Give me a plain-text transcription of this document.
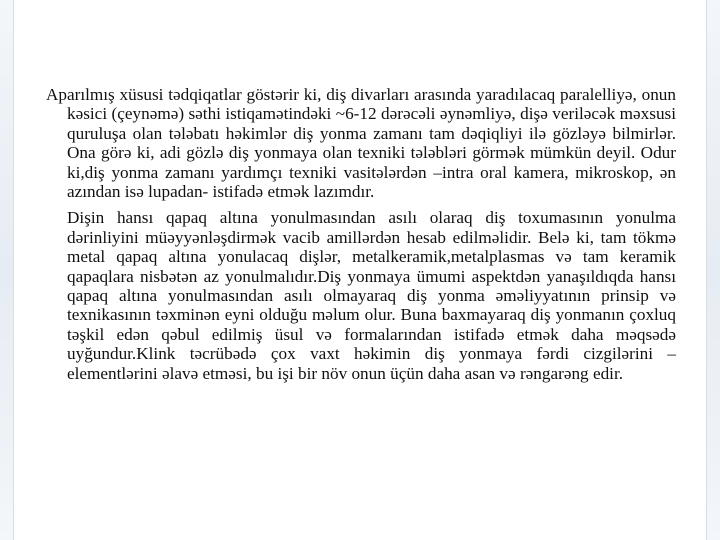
Aparılmış xüsusi tədqiqatlar göstərir ki, diş divarları arasında yaradılacaq paralelliyə, onun kəsici (çeynəmə) səthi istiqamətindəki ~6-12 dərəcəli əynəmliyə, dişə veriləcək məxsusi quruluşa olan tələbatı həkimlər diş yonma zamanı tam dəqiqliyi ilə gözləyə bilmirlər. Ona görə ki, adi gözlə diş yonmaya olan texniki tələbləri görmək mümkün deyil. Odur ki,diş yonma zamanı yardımçı texniki vasitələrdən –intra oral kamera, mikroskop, ən azından isə lupadan- istifadə etmək lazımdır.

Dişin hansı qapaq altına yonulmasından asılı olaraq diş toxumasının yonulma dərinliyini müəyyənləşdirmək vacib amillərdən hesab edilməlidir. Belə ki, tam tökmə metal qapaq altına yonulacaq dişlər, metalkeramik,metalplasmas və tam keramik qapaqlara nisbətən az yonulmalıdır.Diş yonmaya ümumi aspektdən yanaşıldıqda hansı qapaq altına yonulmasından asılı olmayaraq diş yonma əməliyyatının prinsip və texnikasının təxminən eyni olduğu məlum olur. Buna baxmayaraq diş yonmanın çoxluq təşkil edən qəbul edilmiş üsul və formalarından istifadə etmək daha məqsədə uyğundur.Klink təcrübədə çox vaxt həkimin diş yonmaya fərdi cizgilərini –elementlərini əlavə etməsi, bu işi bir növ onun üçün daha asan və rəngarəng edir.
